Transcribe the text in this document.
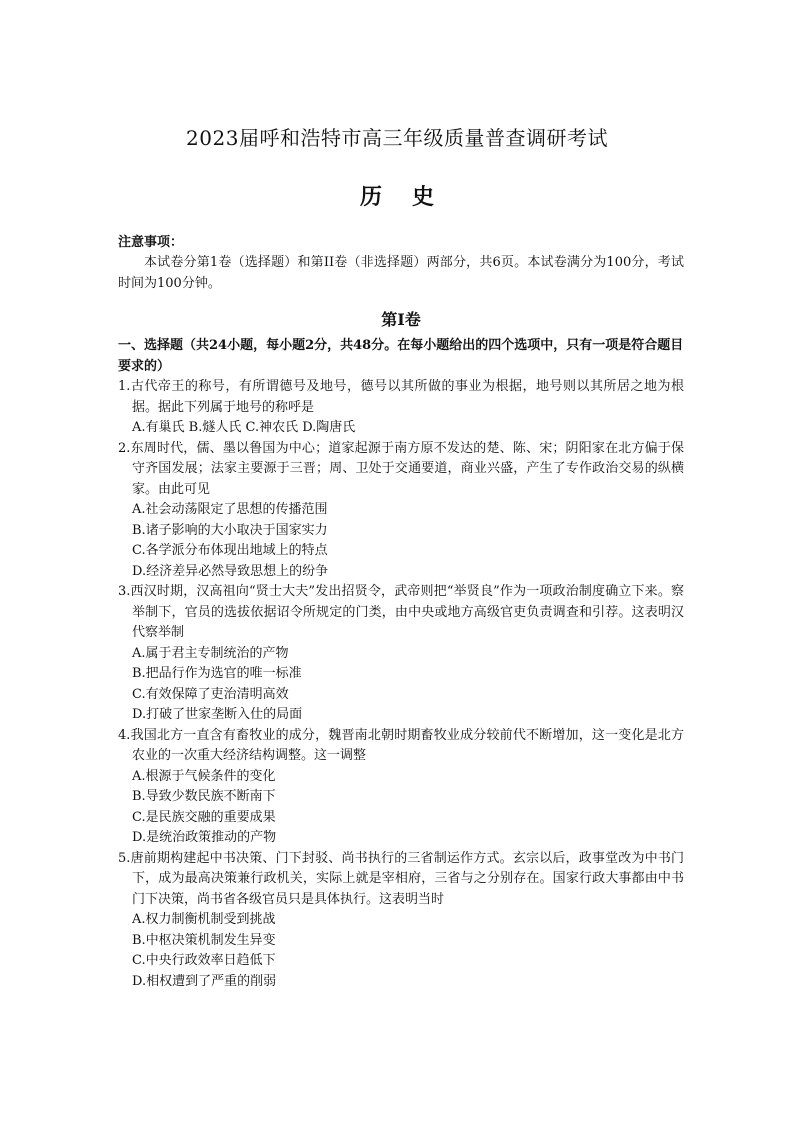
2023届呼和浩特市高三年级质量普查调研考试
历史
注意事项：

本试卷分第1卷（选择题）和第II卷（非选择题）两部分，共6页。本试卷满分为100分，考试时间为100分钟。

第I卷

一、选择题（共24小题，每小题2分，共48分。在每小题给出的四个选项中，只有一项是符合题目要求的）

1.古代帝王的称号，有所谓德号及地号，德号以其所做的事业为根据，地号则以其所居之地为根据。据此下列属于地号的称呼是

A.有巢氏 B.燧人氏 C.神农氏 D.陶唐氏

2.东周时代，儒、墨以鲁国为中心；道家起源于南方原不发达的楚、陈、宋；阴阳家在北方偏于保守齐国发展；法家主要源于三晋；周、卫处于交通要道，商业兴盛，产生了专作政治交易的纵横家。由此可见

A.社会动荡限定了思想的传播范围

B.诸子影响的大小取决于国家实力

C.各学派分布体现出地域上的特点

D.经济差异必然导致思想上的纷争

3.西汉时期，汉高祖向“贤士大夫”发出招贤令，武帝则把“举贤良”作为一项政治制度确立下来。察举制下，官员的选拔依据诏令所规定的门类，由中央或地方高级官吏负责调查和引荐。这表明汉代察举制

A.属于君主专制统治的产物

B.把品行作为选官的唯一标准

C.有效保障了吏治清明高效

D.打破了世家垄断入仕的局面

4.我国北方一直含有畜牧业的成分，魏晋南北朝时期畜牧业成分较前代不断增加，这一变化是北方农业的一次重大经济结构调整。这一调整

A.根源于气候条件的变化

B.导致少数民族不断南下

C.是民族交融的重要成果

D.是统治政策推动的产物

5.唐前期构建起中书决策、门下封驳、尚书执行的三省制运作方式。玄宗以后，政事堂改为中书门下，成为最高决策兼行政机关，实际上就是宰相府，三省与之分别存在。国家行政大事都由中书门下决策，尚书省各级官员只是具体执行。这表明当时

A.权力制衡机制受到挑战

B.中枢决策机制发生异变

C.中央行政效率日趋低下

D.相权遭到了严重的削弱
